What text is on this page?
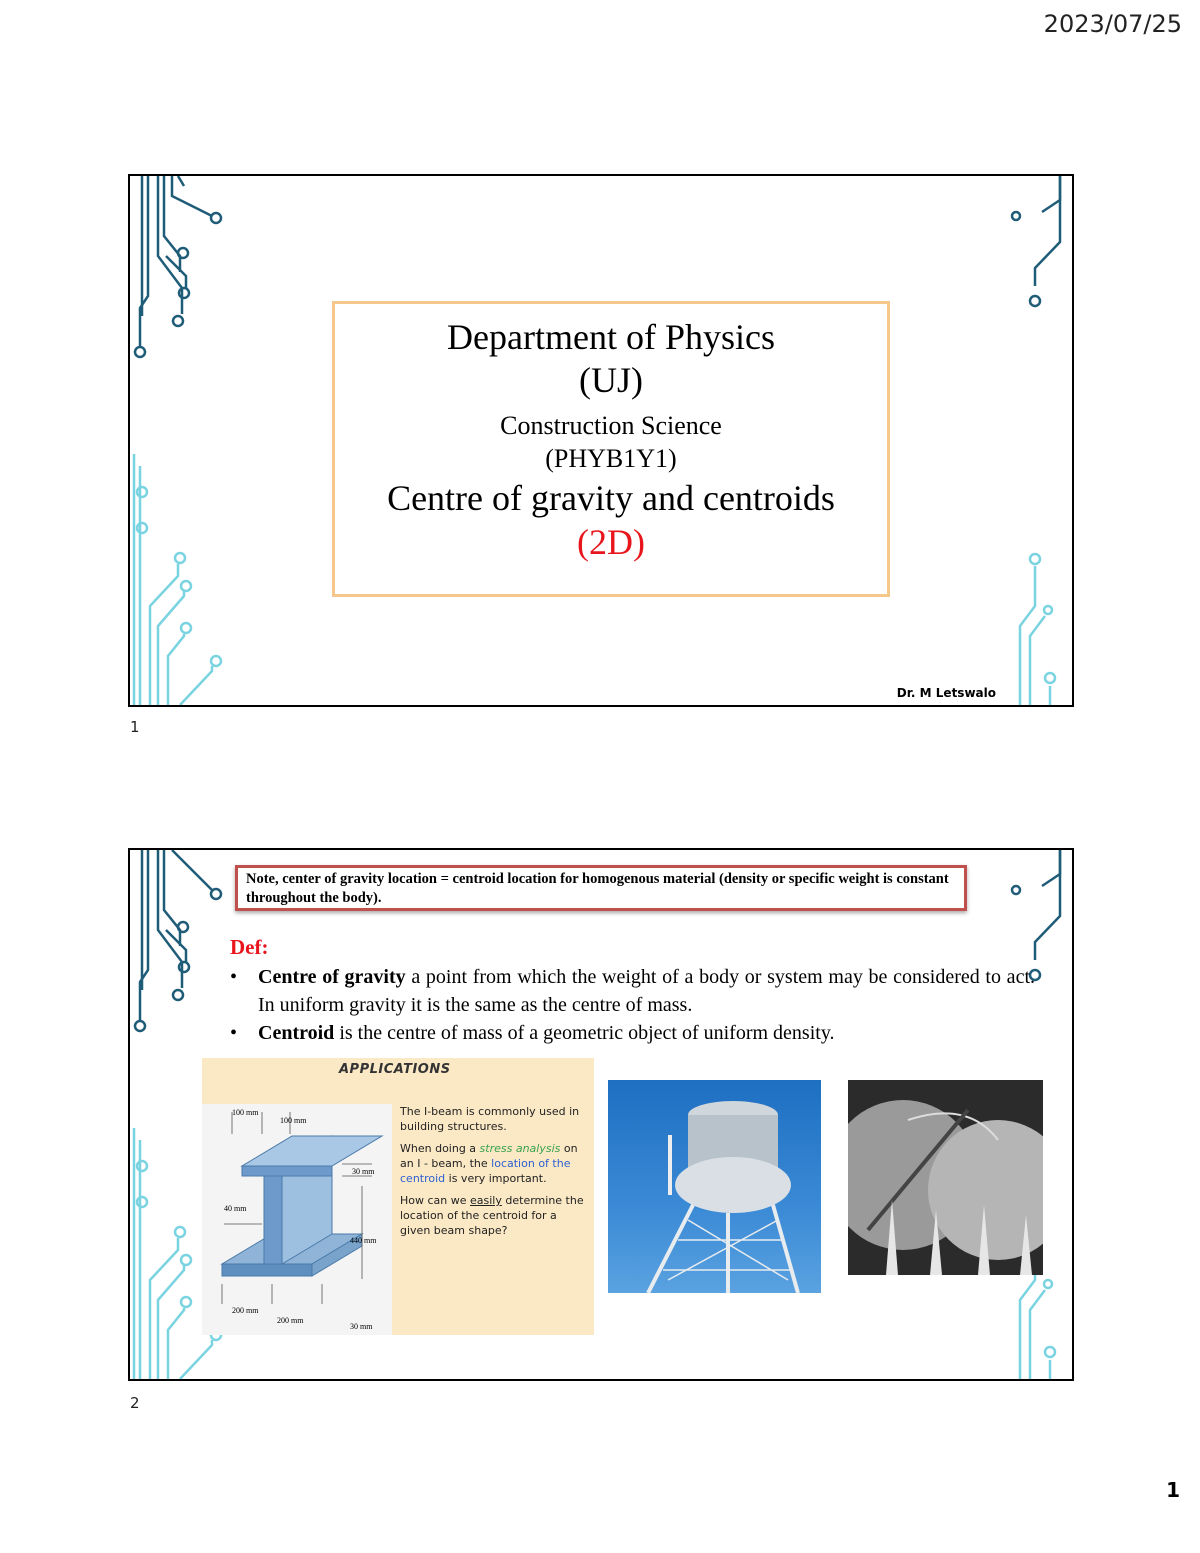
2023/07/25
Department of Physics
(UJ)
Construction Science
(PHYB1Y1)
Centre of gravity and centroids
(2D)
Dr. M Letswalo
1
Note, center of gravity location = centroid location for homogenous material (density or specific weight is constant throughout the body).
Def:
• Centre of gravity a point from which the weight of a body or system may be considered to act. In uniform gravity it is the same as the centre of mass.
• Centroid is the centre of mass of a geometric object of uniform density.
APPLICATIONS
100 mm
100 mm
30 mm
40 mm
440 mm
200 mm
200 mm
30 mm

The I-beam is commonly used in building structures.

When doing a stress analysis on an I - beam, the location of the centroid is very important.

How can we easily determine the location of the centroid for a given beam shape?

2
1
